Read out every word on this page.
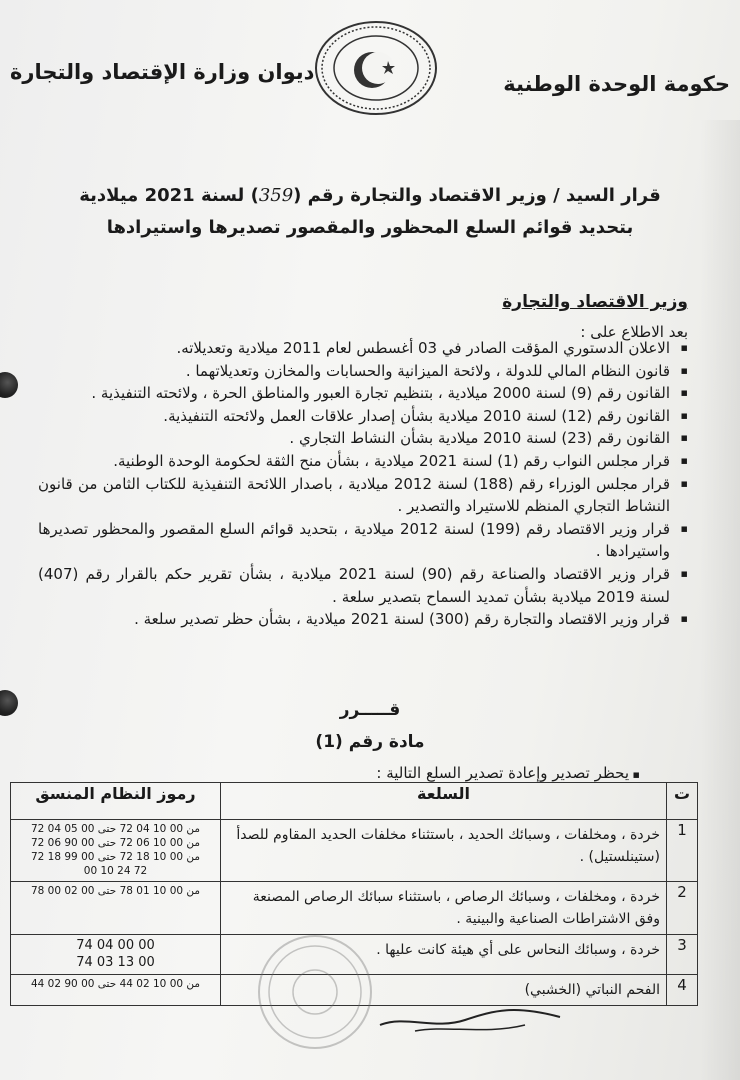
حكومة الوحدة الوطنية
ديوان وزارة الإقتصاد والتجارة
قرار السيد / وزير الاقتصاد والتجارة رقم (359) لسنة 2021 ميلادية
بتحديد قوائم السلع المحظور والمقصور تصديرها واستيرادها
وزير الاقتصاد والتجارة
بعد الاطلاع على :
▪ الاعلان الدستوري المؤقت الصادر في 03 أغسطس لعام 2011 ميلادية وتعديلاته.
▪ قانون النظام المالي للدولة ، ولائحة الميزانية والحسابات والمخازن وتعديلاتهما .
▪ القانون رقم (9) لسنة 2000 ميلادية ، بتنظيم تجارة العبور والمناطق الحرة ، ولائحته التنفيذية .
▪ القانون رقم (12) لسنة 2010 ميلادية بشأن إصدار علاقات العمل ولائحته التنفيذية.
▪ القانون رقم (23) لسنة 2010 ميلادية بشأن النشاط التجاري .
▪ قرار مجلس النواب رقم (1) لسنة 2021 ميلادية ، بشأن منح الثقة لحكومة الوحدة الوطنية.
▪ قرار مجلس الوزراء رقم (188) لسنة 2012 ميلادية ، باصدار اللائحة التنفيذية للكتاب الثامن من قانون النشاط التجاري المنظم للاستيراد والتصدير .
▪ قرار وزير الاقتصاد رقم (199) لسنة 2012 ميلادية ، بتحديد قوائم السلع المقصور والمحظور تصديرها واستيرادها .
▪ قرار وزير الاقتصاد والصناعة رقم (90) لسنة 2021 ميلادية ، بشأن تقرير حكم بالقرار رقم (407) لسنة 2019 ميلادية بشأن تمديد السماح بتصدير سلعة .
▪ قرار وزير الاقتصاد والتجارة رقم (300) لسنة 2021 ميلادية ، بشأن حظر تصدير سلعة .
قـــــرر
مادة رقم (1)
▪ يحظر تصدير وإعادة تصدير السلع التالية :
ت	السلعة	رموز النظام المنسق
1	خردة ، ومخلفات ، وسبائك الحديد ، باستثناء مخلفات الحديد المقاوم للصدأ (ستينلستيل) .	من 00 10 04 72 حتى 00 05 04 72
من 00 10 06 72 حتى 00 90 06 72
من 00 10 18 72 حتى 00 99 18 72
00 10 24 72

2	خردة ، ومخلفات ، وسبائك الرصاص ، باستثناء سبائك الرصاص المصنعة وفق الاشتراطات الصناعية والبينية .	من 00 10 01 78 حتى 00 02 00 78

3	خردة ، وسبائك النحاس على أي هيئة كانت عليها .	74 04 00 00
74 03 13 00

4	الفحم النباتي (الخشبي)	من 00 10 02 44 حتى 00 90 02 44
